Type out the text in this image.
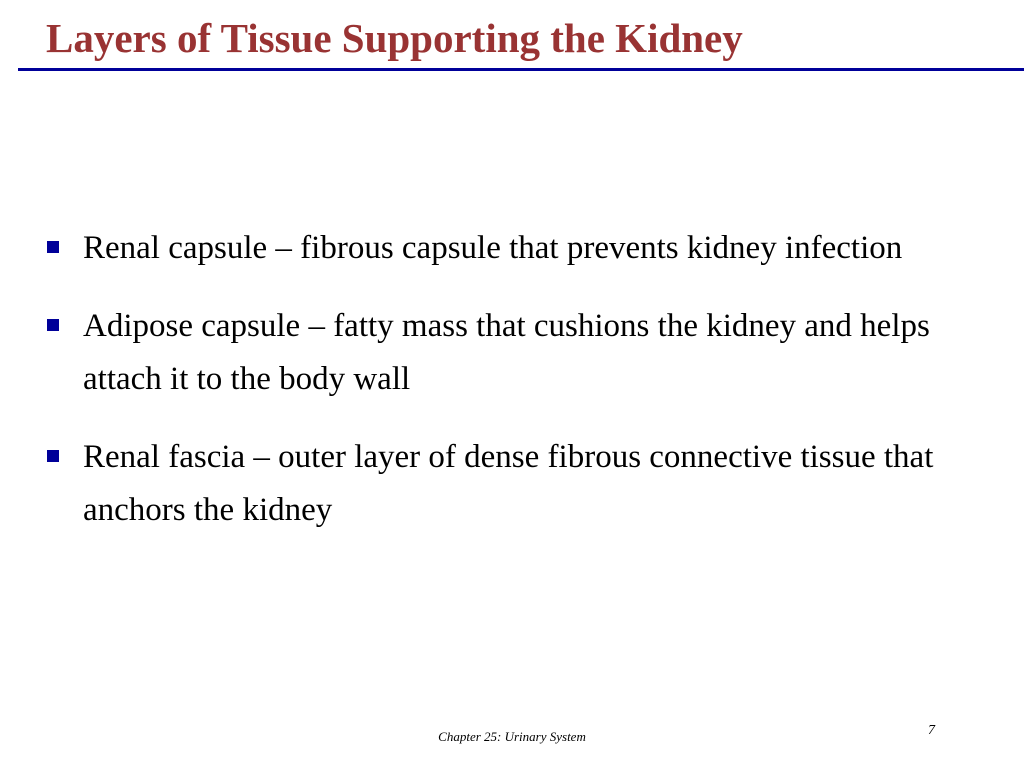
Layers of Tissue Supporting the Kidney
Renal capsule – fibrous capsule that prevents kidney infection
Adipose capsule – fatty mass that cushions the kidney and helps attach it to the body wall
Renal fascia – outer layer of dense fibrous connective tissue that anchors the kidney
Chapter 25: Urinary System	7
